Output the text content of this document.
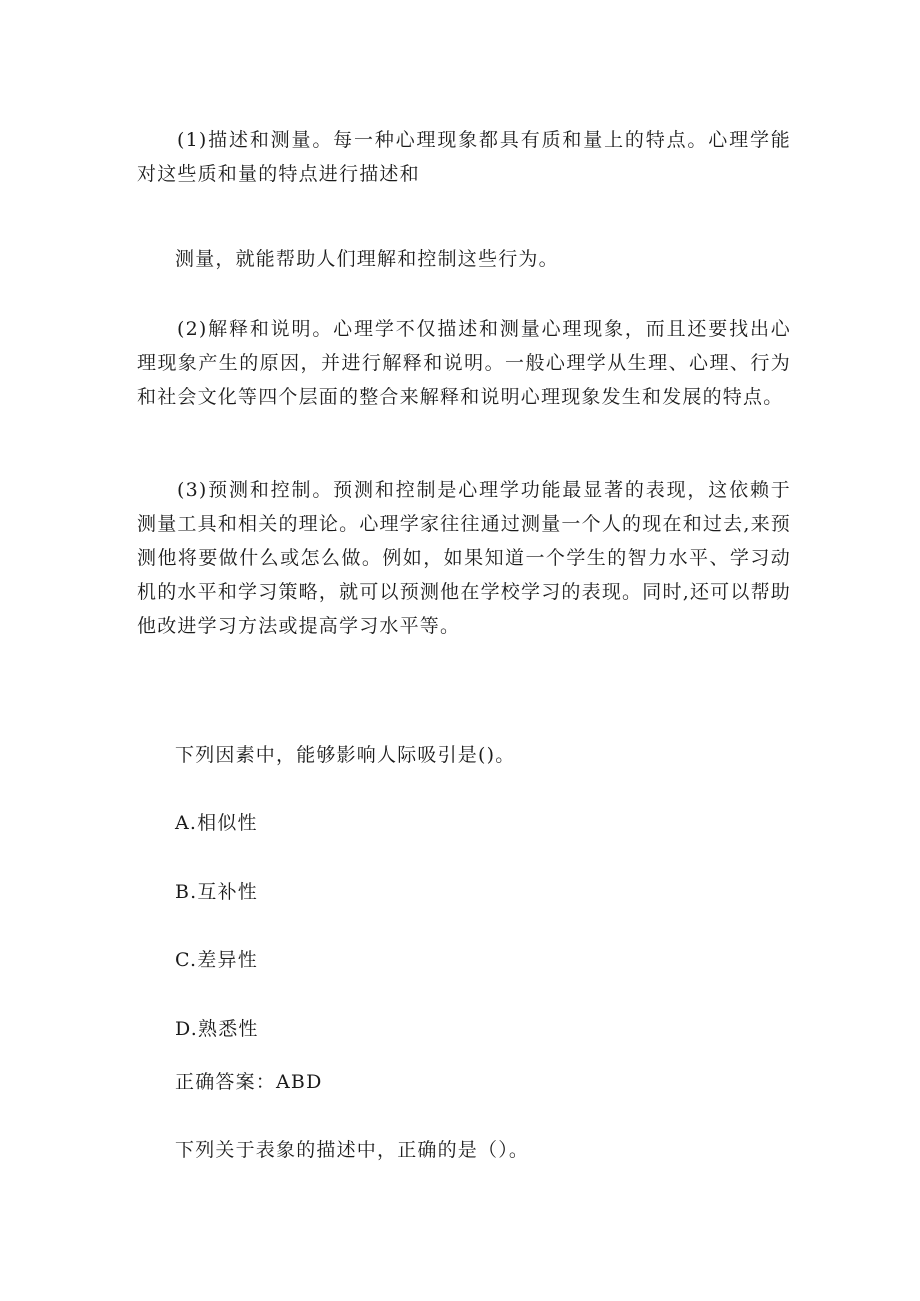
(1)描述和测量。每一种心理现象都具有质和量上的特点。心理学能对这些质和量的特点进行描述和

测量，就能帮助人们理解和控制这些行为。

(2)解释和说明。心理学不仅描述和测量心理现象，而且还要找出心理现象产生的原因，并进行解释和说明。一般心理学从生理、心理、行为和社会文化等四个层面的整合来解释和说明心理现象发生和发展的特点。

(3)预测和控制。预测和控制是心理学功能最显著的表现，这依赖于测量工具和相关的理论。心理学家往往通过测量一个人的现在和过去,来预测他将要做什么或怎么做。例如，如果知道一个学生的智力水平、学习动机的水平和学习策略，就可以预测他在学校学习的表现。同时,还可以帮助他改进学习方法或提高学习水平等。

下列因素中，能够影响人际吸引是()。

A.相似性

B.互补性

C.差异性

D.熟悉性

正确答案：ABD

下列关于表象的描述中，正确的是（）。
